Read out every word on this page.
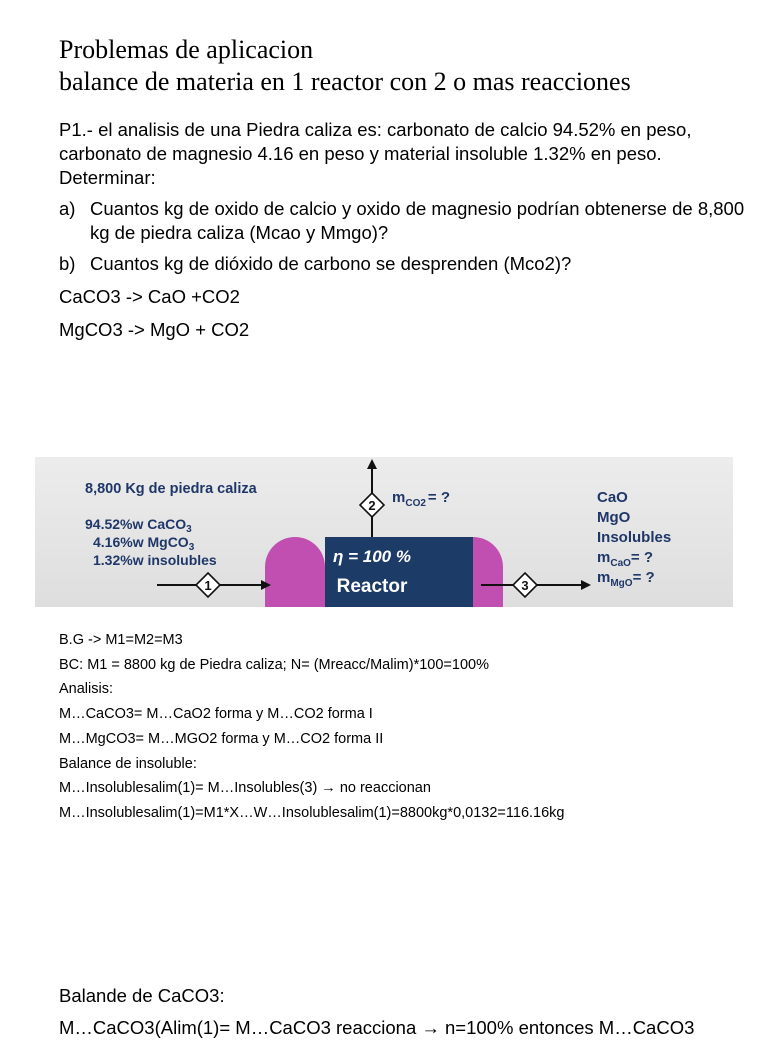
Problemas de aplicacion
balance de materia en 1 reactor con 2 o mas reacciones

P1.- el analisis de una Piedra caliza es: carbonato de calcio 94.52% en peso, carbonato de magnesio 4.16 en peso y material insoluble 1.32% en peso. Determinar:

a) Cuantos kg de oxido de calcio y oxido de magnesio podrían obtenerse de 8,800 kg de piedra caliza (Mcao y Mmgo)?
b) Cuantos kg de dióxido de carbono se desprenden (Mco2)?
CaCO3 -> CaO +CO2
MgCO3 -> MgO + CO2
η = 100 %
Reactor
8,800 Kg de piedra caliza
94.52%w CaCO$_3$
4.16%w MgCO$_3$
1.32%w insolubles
1
2 $m_{CO2}$ = ?
3
CaO
MgO
Insolubles
$m_{CaO}=$ ?
$m_{MgO}=$ ?
B.G -> M1=M2=M3
BC: M1 = 8800 kg de Piedra caliza; N= (Mreacc/Malim)*100=100%
Analisis:
M…CaCO3= M…CaO2 forma y M…CO2 forma I
M…MgCO3= M…MGO2 forma y M…CO2 forma II
Balance de insoluble:
M…Insolublesalim(1)= M…Insolubles(3) → no reaccionan
M…Insolublesalim(1)=M1*X…W…Insolublesalim(1)=8800kg*0,0132=116.16kg
Balande de CaCO3:
M…CaCO3(Alim(1)= M…CaCO3 reacciona → n=100% entonces M…CaCO3
